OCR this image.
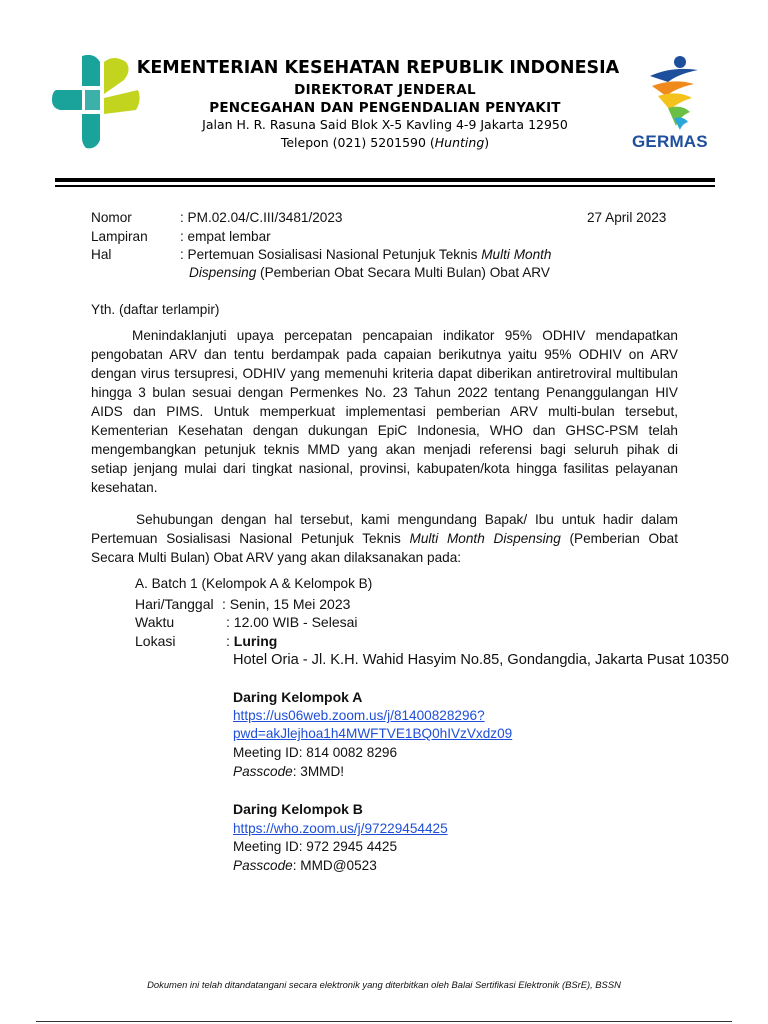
KEMENTERIAN KESEHATAN REPUBLIK INDONESIA
DIREKTORAT JENDERAL
PENCEGAHAN DAN PENGENDALIAN PENYAKIT
Jalan H. R. Rasuna Said Blok X-5 Kavling 4-9 Jakarta 12950
Telepon (021) 5201590 (Hunting)	GERMAS
Nomor	: PM.02.04/C.III/3481/2023	27 April 2023
Lampiran : empat lembar
Hal	: Pertemuan Sosialisasi Nasional Petunjuk Teknis Multi Month
Dispensing (Pemberian Obat Secara Multi Bulan) Obat ARV
Yth. (daftar terlampir)
Menindaklanjuti upaya percepatan pencapaian indikator 95% ODHIV mendapatkan
pengobatan ARV dan tentu berdampak pada capaian berikutnya yaitu 95% ODHIV on ARV
dengan virus tersupresi, ODHIV yang memenuhi kriteria dapat diberikan antiretroviral multibulan
hingga 3 bulan sesuai dengan Permenkes No. 23 Tahun 2022 tentang Penanggulangan HIV
AIDS dan PIMS. Untuk memperkuat implementasi pemberian ARV multi-bulan tersebut,
Kementerian Kesehatan dengan dukungan EpiC Indonesia, WHO dan GHSC-PSM telah
mengembangkan petunjuk teknis MMD yang akan menjadi referensi bagi seluruh pihak di
setiap jenjang mulai dari tingkat nasional, provinsi, kabupaten/kota hingga fasilitas pelayanan
kesehatan.
Sehubungan dengan hal tersebut, kami mengundang Bapak/ Ibu untuk hadir dalam
Pertemuan Sosialisasi Nasional Petunjuk Teknis Multi Month Dispensing (Pemberian Obat
Secara Multi Bulan) Obat ARV yang akan dilaksanakan pada:
A. Batch 1 (Kelompok A & Kelompok B)
Hari/Tanggal : Senin, 15 Mei 2023
Waktu	: 12.00 WIB - Selesai
Lokasi	: Luring
Hotel Oria - Jl. K.H. Wahid Hasyim No.85, Gondangdia, Jakarta Pusat 10350
Daring Kelompok A
https://us06web.zoom.us/j/81400828296?
pwd=akJlejhoa1h4MWFTVE1BQ0hIVzVxdz09
Meeting ID: 814 0082 8296
Passcode: 3MMD!
Daring Kelompok B
https://who.zoom.us/j/97229454425
Meeting ID: 972 2945 4425
Passcode: MMD@0523
Dokumen ini telah ditandatangani secara elektronik yang diterbitkan oleh Balai Sertifikasi Elektronik (BSrE), BSSN
